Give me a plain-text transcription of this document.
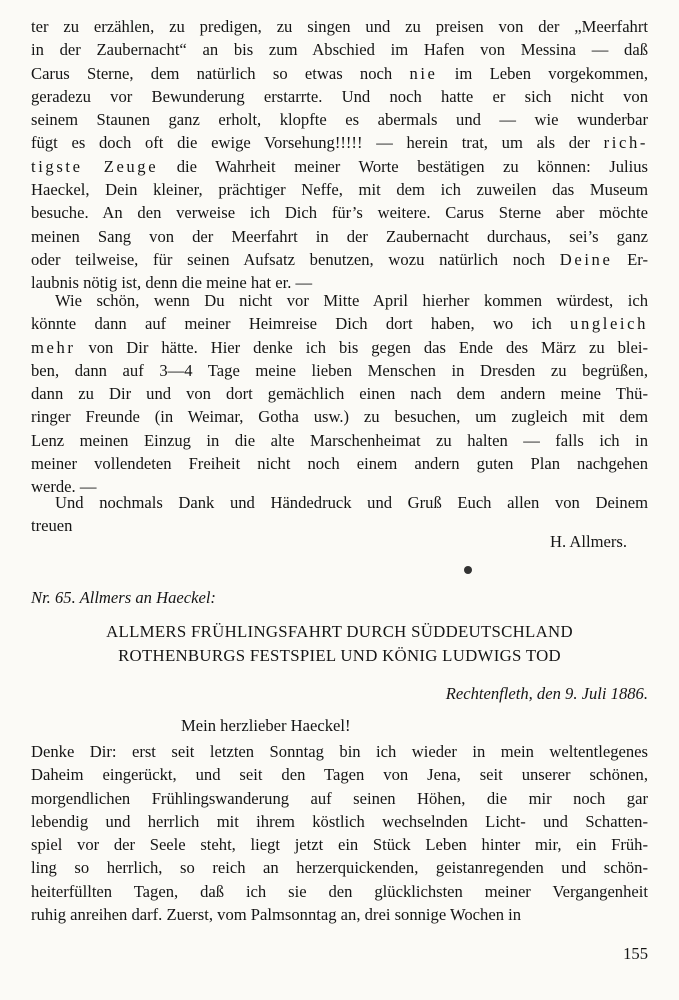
ter zu erzählen, zu predigen, zu singen und zu preisen von der „Meerfahrt
in der Zaubernacht“ an bis zum Abschied im Hafen von Messina — daß
Carus Sterne, dem natürlich so etwas noch nie im Leben vorgekommen,
geradezu vor Bewunderung erstarrte. Und noch hatte er sich nicht von
seinem Staunen ganz erholt, klopfte es abermals und — wie wunderbar
fügt es doch oft die ewige Vorsehung!!!!! — herein trat, um als der rich-
tigste Zeuge die Wahrheit meiner Worte bestätigen zu können: Julius
Haeckel, Dein kleiner, prächtiger Neffe, mit dem ich zuweilen das Museum
besuche. An den verweise ich Dich für’s weitere. Carus Sterne aber möchte
meinen Sang von der Meerfahrt in der Zaubernacht durchaus, sei’s ganz
oder teilweise, für seinen Aufsatz benutzen, wozu natürlich noch Deine Er-
laubnis nötig ist, denn die meine hat er. —
Wie schön, wenn Du nicht vor Mitte April hierher kommen würdest, ich
könnte dann auf meiner Heimreise Dich dort haben, wo ich ungleich
mehr von Dir hätte. Hier denke ich bis gegen das Ende des März zu blei-
ben, dann auf 3—4 Tage meine lieben Menschen in Dresden zu begrüßen,
dann zu Dir und von dort gemächlich einen nach dem andern meine Thü-
ringer Freunde (in Weimar, Gotha usw.) zu besuchen, um zugleich mit dem
Lenz meinen Einzug in die alte Marschenheimat zu halten — falls ich in
meiner vollendeten Freiheit nicht noch einem andern guten Plan nachgehen
werde. —
Und nochmals Dank und Händedruck und Gruß Euch allen von Deinem
treuen
H. Allmers.
Nr. 65. Allmers an Haeckel:
ALLMERS FRÜHLINGSFAHRT DURCH SÜDDEUTSCHLAND
ROTHENBURGS FESTSPIEL UND KÖNIG LUDWIGS TOD
Rechtenfleth, den 9. Juli 1886.
Mein herzlieber Haeckel!
Denke Dir: erst seit letzten Sonntag bin ich wieder in mein weltentlegenes
Daheim eingerückt, und seit den Tagen von Jena, seit unserer schönen,
morgendlichen Frühlingswanderung auf seinen Höhen, die mir noch gar
lebendig und herrlich mit ihrem köstlich wechselnden Licht- und Schatten-
spiel vor der Seele steht, liegt jetzt ein Stück Leben hinter mir, ein Früh-
ling so herrlich, so reich an herzerquickenden, geistanregenden und schön-
heiterfüllten Tagen, daß ich sie den glücklichsten meiner Vergangenheit
ruhig anreihen darf. Zuerst, vom Palmsonntag an, drei sonnige Wochen in
155
